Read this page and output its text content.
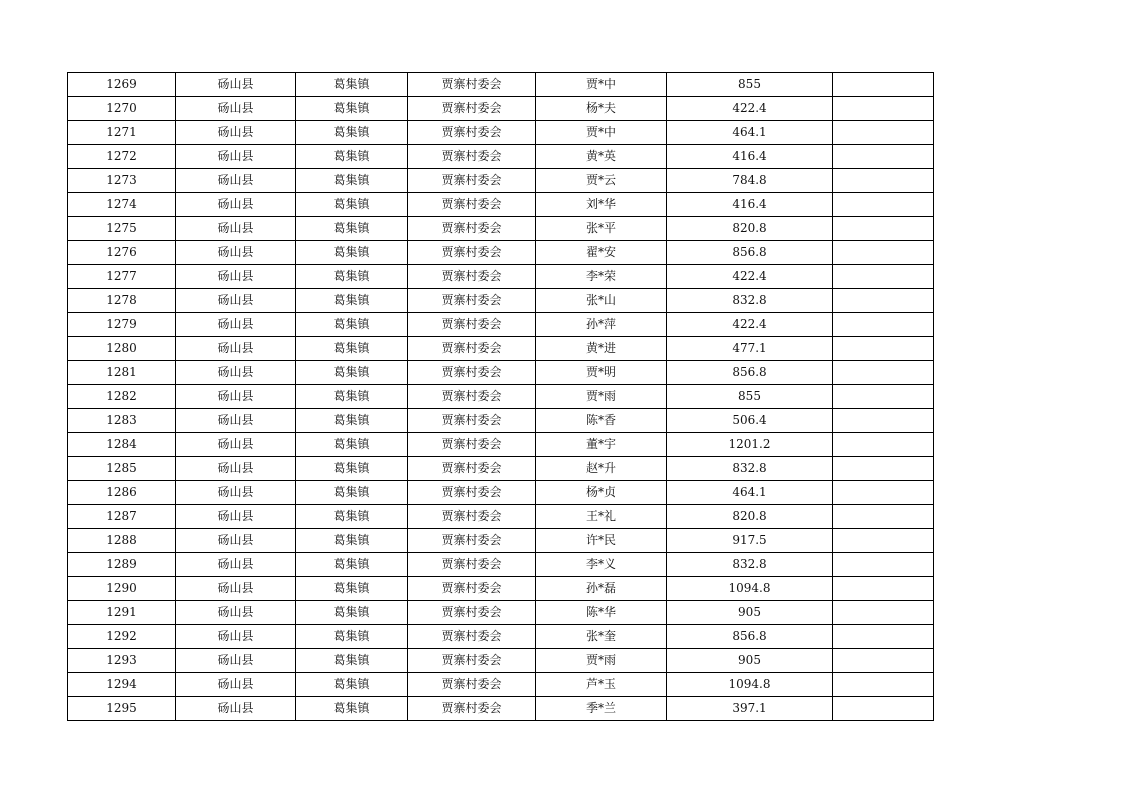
1269	砀山县	葛集镇	贾寨村委会	贾*中	855	
1270	砀山县	葛集镇	贾寨村委会	杨*夫	422.4	
1271	砀山县	葛集镇	贾寨村委会	贾*中	464.1	
1272	砀山县	葛集镇	贾寨村委会	黄*英	416.4	
1273	砀山县	葛集镇	贾寨村委会	贾*云	784.8	
1274	砀山县	葛集镇	贾寨村委会	刘*华	416.4	
1275	砀山县	葛集镇	贾寨村委会	张*平	820.8	
1276	砀山县	葛集镇	贾寨村委会	翟*安	856.8	
1277	砀山县	葛集镇	贾寨村委会	李*荣	422.4	
1278	砀山县	葛集镇	贾寨村委会	张*山	832.8	
1279	砀山县	葛集镇	贾寨村委会	孙*萍	422.4	
1280	砀山县	葛集镇	贾寨村委会	黄*进	477.1	
1281	砀山县	葛集镇	贾寨村委会	贾*明	856.8	
1282	砀山县	葛集镇	贾寨村委会	贾*雨	855	
1283	砀山县	葛集镇	贾寨村委会	陈*香	506.4	
1284	砀山县	葛集镇	贾寨村委会	董*宇	1201.2	
1285	砀山县	葛集镇	贾寨村委会	赵*升	832.8	
1286	砀山县	葛集镇	贾寨村委会	杨*贞	464.1	
1287	砀山县	葛集镇	贾寨村委会	王*礼	820.8	
1288	砀山县	葛集镇	贾寨村委会	许*民	917.5	
1289	砀山县	葛集镇	贾寨村委会	李*义	832.8	
1290	砀山县	葛集镇	贾寨村委会	孙*磊	1094.8	
1291	砀山县	葛集镇	贾寨村委会	陈*华	905	
1292	砀山县	葛集镇	贾寨村委会	张*奎	856.8	
1293	砀山县	葛集镇	贾寨村委会	贾*雨	905	
1294	砀山县	葛集镇	贾寨村委会	芦*玉	1094.8	
1295	砀山县	葛集镇	贾寨村委会	季*兰	397.1	
